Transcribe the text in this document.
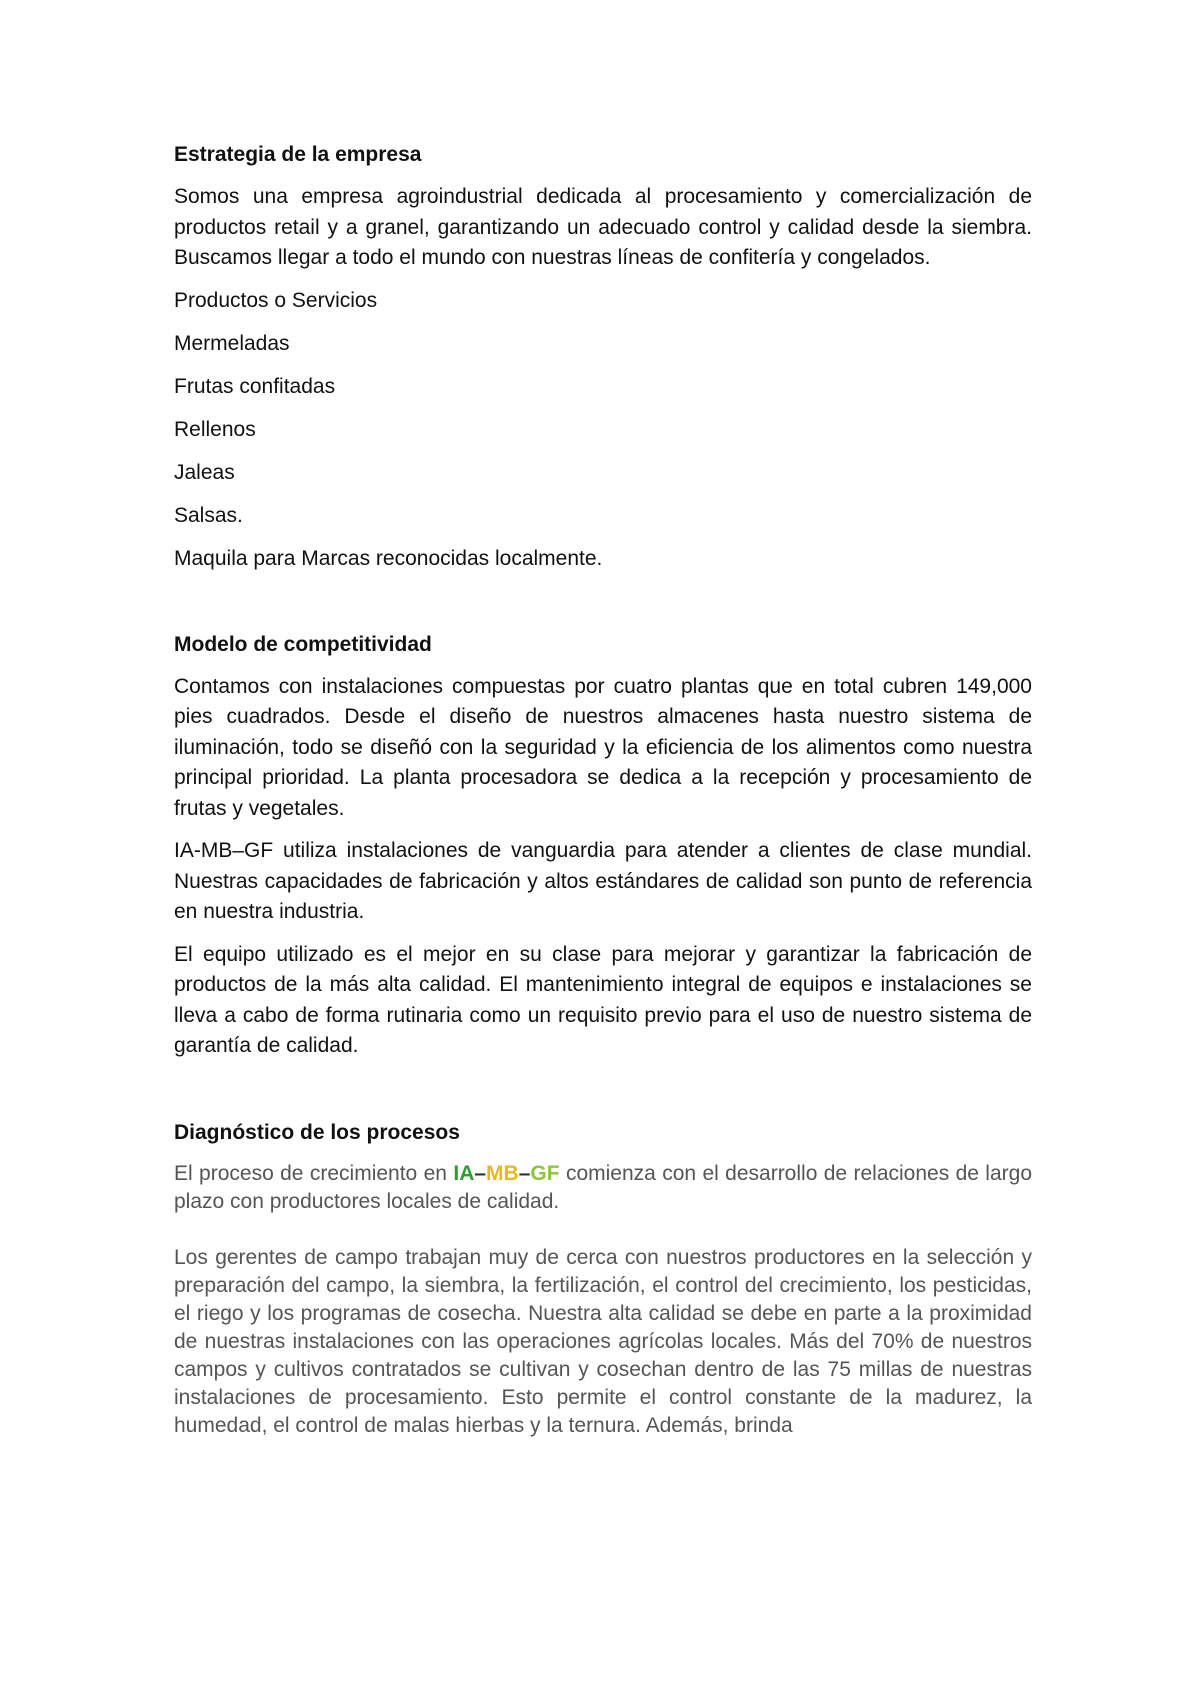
Estrategia de la empresa

Somos una empresa agroindustrial dedicada al procesamiento y comercialización de productos retail y a granel, garantizando un adecuado control y calidad desde la siembra. Buscamos llegar a todo el mundo con nuestras líneas de confitería y congelados.

Productos o Servicios

Mermeladas

Frutas confitadas

Rellenos

Jaleas

Salsas.

Maquila para Marcas reconocidas localmente.

Modelo de competitividad

Contamos con instalaciones compuestas por cuatro plantas que en total cubren 149,000 pies cuadrados. Desde el diseño de nuestros almacenes hasta nuestro sistema de iluminación, todo se diseñó con la seguridad y la eficiencia de los alimentos como nuestra principal prioridad. La planta procesadora se dedica a la recepción y procesamiento de frutas y vegetales.

IA-MB–GF utiliza instalaciones de vanguardia para atender a clientes de clase mundial. Nuestras capacidades de fabricación y altos estándares de calidad son punto de referencia en nuestra industria.

El equipo utilizado es el mejor en su clase para mejorar y garantizar la fabricación de productos de la más alta calidad. El mantenimiento integral de equipos e instalaciones se lleva a cabo de forma rutinaria como un requisito previo para el uso de nuestro sistema de garantía de calidad.

Diagnóstico de los procesos

El proceso de crecimiento en IA–MB–GF comienza con el desarrollo de relaciones de largo plazo con productores locales de calidad.

Los gerentes de campo trabajan muy de cerca con nuestros productores en la selección y preparación del campo, la siembra, la fertilización, el control del crecimiento, los pesticidas, el riego y los programas de cosecha. Nuestra alta calidad se debe en parte a la proximidad de nuestras instalaciones con las operaciones agrícolas locales. Más del 70% de nuestros campos y cultivos contratados se cultivan y cosechan dentro de las 75 millas de nuestras instalaciones de procesamiento. Esto permite el control constante de la madurez, la humedad, el control de malas hierbas y la ternura. Además, brinda
